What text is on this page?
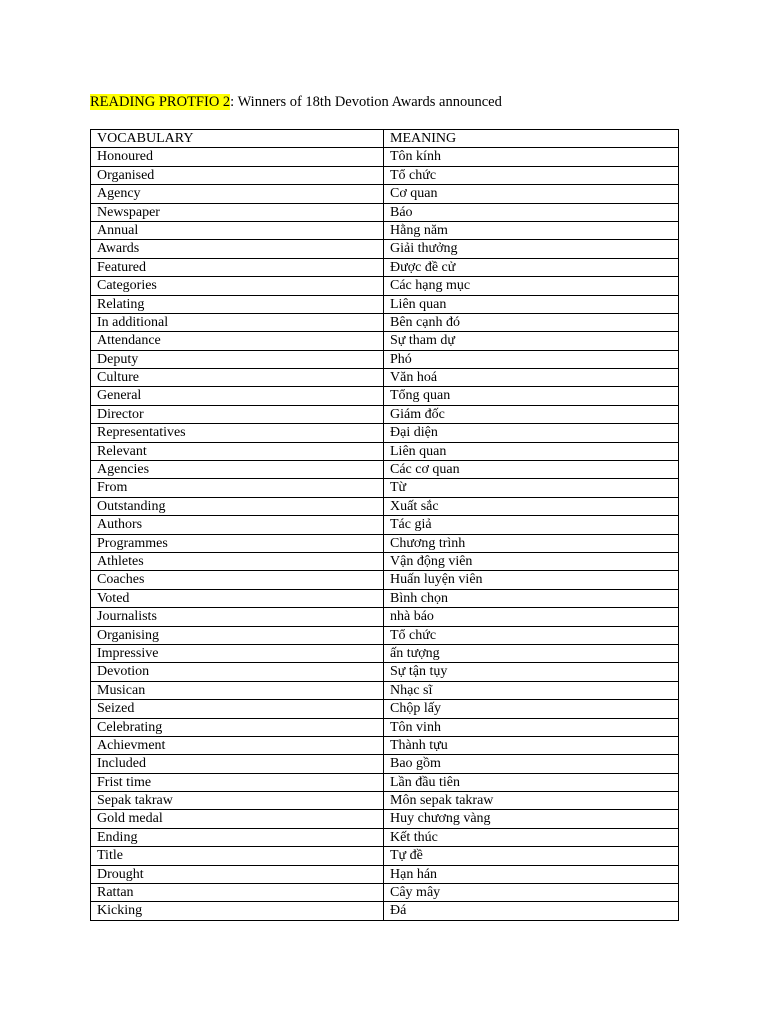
READING PROTFIO 2: Winners of 18th Devotion Awards announced
VOCABULARY	MEANING
Honoured	Tôn kính
Organised	Tổ chức
Agency	Cơ quan
Newspaper	Báo
Annual	Hằng năm
Awards	Giải thưởng
Featured	Được đề cử
Categories	Các hạng mục
Relating	Liên quan
In additional	Bên cạnh đó
Attendance	Sự tham dự
Deputy	Phó
Culture	Văn hoá
General	Tổng quan
Director	Giám đốc
Representatives	Đại diện
Relevant	Liên quan
Agencies	Các cơ quan
From	Từ
Outstanding	Xuất sắc
Authors	Tác giả
Programmes	Chương trình
Athletes	Vận động viên
Coaches	Huấn luyện viên
Voted	Bình chọn
Journalists	nhà báo
Organising	Tổ chức
Impressive	ấn tượng
Devotion	Sự tận tụy
Musican	Nhạc sĩ
Seized	Chộp lấy
Celebrating	Tôn vinh
Achievment	Thành tựu
Included	Bao gồm
Frist time	Lần đầu tiên
Sepak takraw	Môn sepak takraw
Gold medal	Huy chương vàng
Ending	Kết thúc
Title	Tự đề
Drought	Hạn hán
Rattan	Cây mây
Kicking	Đá
